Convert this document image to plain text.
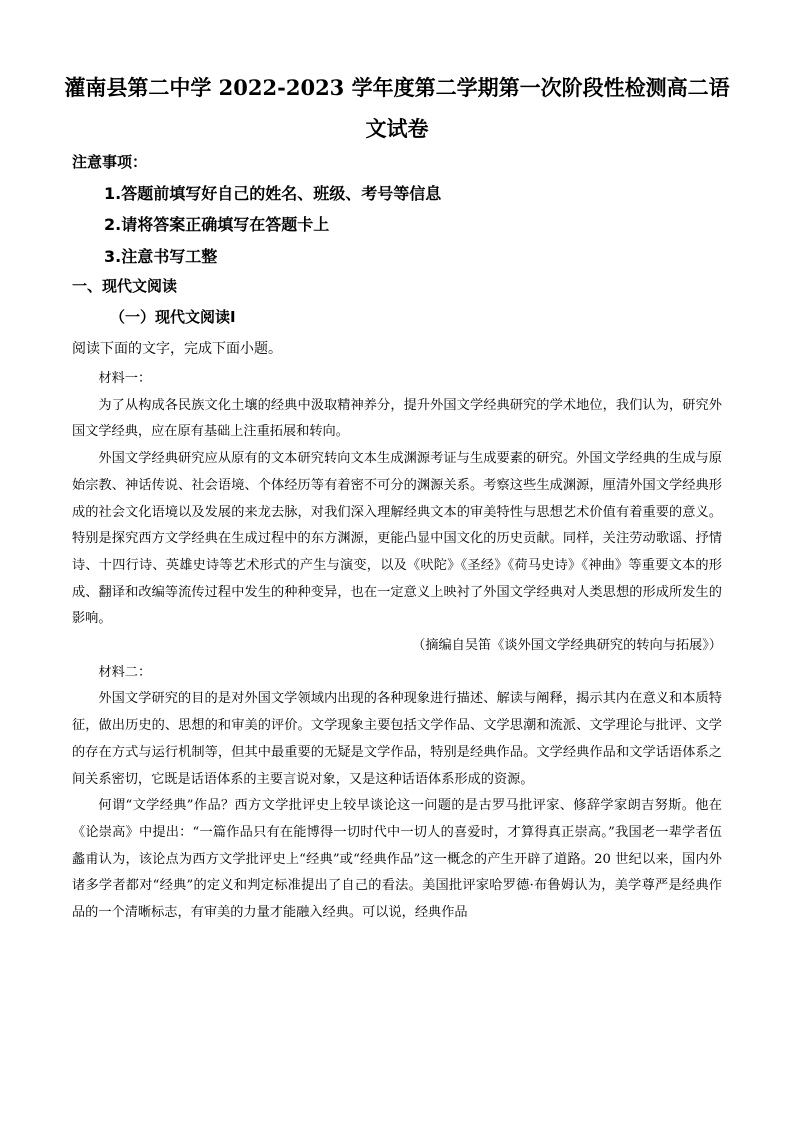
灌南县第二中学 2022-2023 学年度第二学期第一次阶段性检测高二语
文试卷
注意事项：
1.答题前填写好自己的姓名、班级、考号等信息
2.请将答案正确填写在答题卡上
3.注意书写工整
一、现代文阅读
（一）现代文阅读Ⅰ
阅读下面的文字，完成下面小题。

材料一：

为了从构成各民族文化土壤的经典中汲取精神养分，提升外国文学经典研究的学术地位，我们认为，研究外国文学经典，应在原有基础上注重拓展和转向。

外国文学经典研究应从原有的文本研究转向文本生成渊源考证与生成要素的研究。外国文学经典的生成与原始宗教、神话传说、社会语境、个体经历等有着密不可分的渊源关系。考察这些生成渊源，厘清外国文学经典形成的社会文化语境以及发展的来龙去脉，对我们深入理解经典文本的审美特性与思想艺术价值有着重要的意义。特别是探究西方文学经典在生成过程中的东方渊源，更能凸显中国文化的历史贡献。同样，关注劳动歌谣、抒情诗、十四行诗、英雄史诗等艺术形式的产生与演变，以及《吠陀》《圣经》《荷马史诗》《神曲》等重要文本的形成、翻译和改编等流传过程中发生的种种变异，也在一定意义上映衬了外国文学经典对人类思想的形成所发生的影响。

（摘编自吴笛《谈外国文学经典研究的转向与拓展》）

材料二：

外国文学研究的目的是对外国文学领域内出现的各种现象进行描述、解读与阐释，揭示其内在意义和本质特征，做出历史的、思想的和审美的评价。文学现象主要包括文学作品、文学思潮和流派、文学理论与批评、文学的存在方式与运行机制等，但其中最重要的无疑是文学作品，特别是经典作品。文学经典作品和文学话语体系之间关系密切，它既是话语体系的主要言说对象，又是这种话语体系形成的资源。

何谓“文学经典”作品？西方文学批评史上较早谈论这一问题的是古罗马批评家、修辞学家朗吉努斯。他在《论崇高》中提出：“一篇作品只有在能博得一切时代中一切人的喜爱时，才算得真正崇高。”我国老一辈学者伍蠡甫认为，该论点为西方文学批评史上“经典”或“经典作品”这一概念的产生开辟了道路。20 世纪以来，国内外诸多学者都对“经典”的定义和判定标准提出了自己的看法。美国批评家哈罗德·布鲁姆认为，美学尊严是经典作品的一个清晰标志，有审美的力量才能融入经典。可以说，经典作品
